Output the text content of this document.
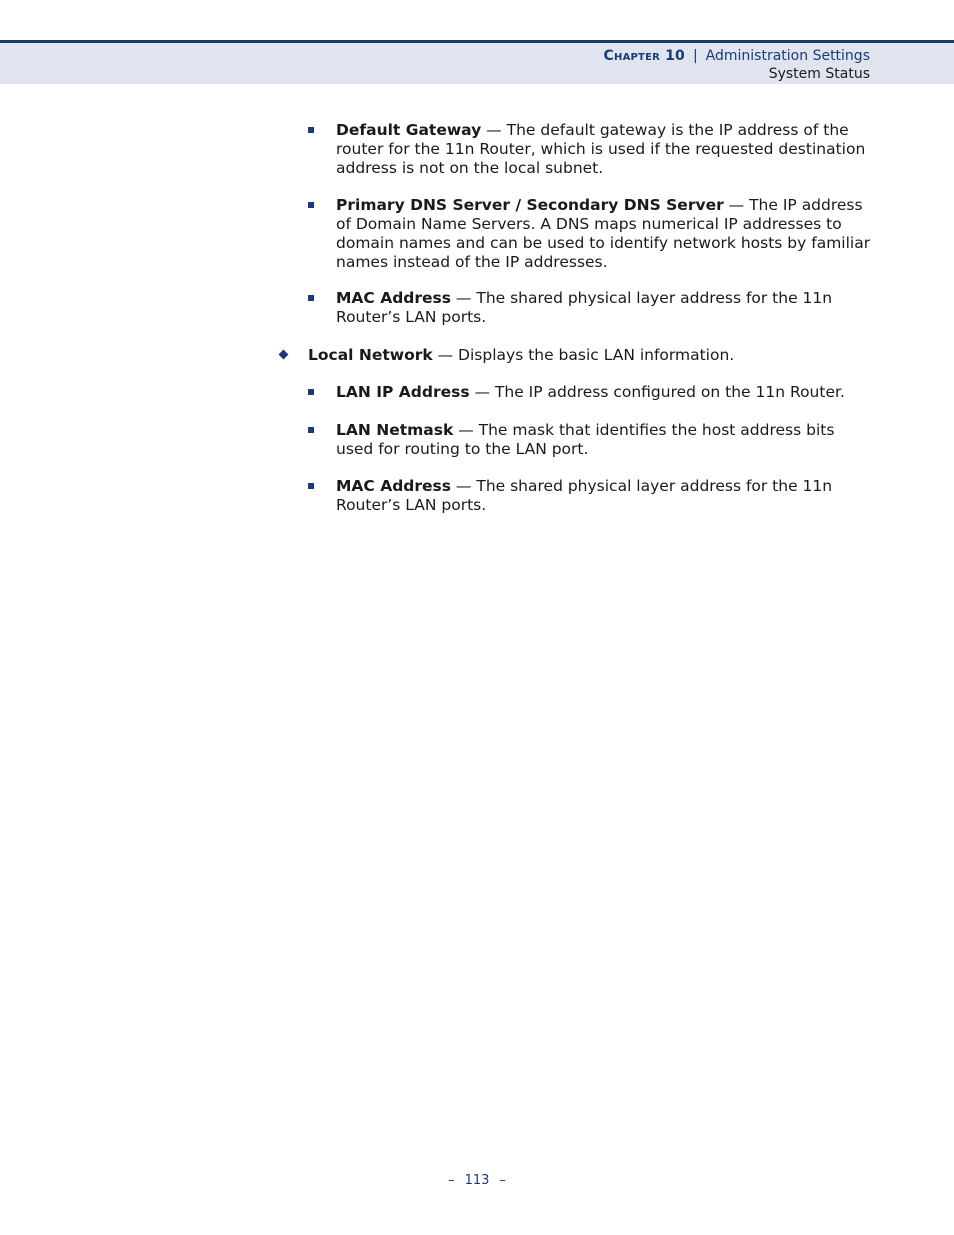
Chapter 10 | Administration Settings
System Status
Default Gateway — The default gateway is the IP address of the router for the 11n Router, which is used if the requested destination address is not on the local subnet.
Primary DNS Server / Secondary DNS Server — The IP address of Domain Name Servers. A DNS maps numerical IP addresses to domain names and can be used to identify network hosts by familiar names instead of the IP addresses.
MAC Address — The shared physical layer address for the 11n Router’s LAN ports.
Local Network — Displays the basic LAN information.
LAN IP Address — The IP address configured on the 11n Router.
LAN Netmask — The mask that identifies the host address bits used for routing to the LAN port.
MAC Address — The shared physical layer address for the 11n Router’s LAN ports.
– 113 –
